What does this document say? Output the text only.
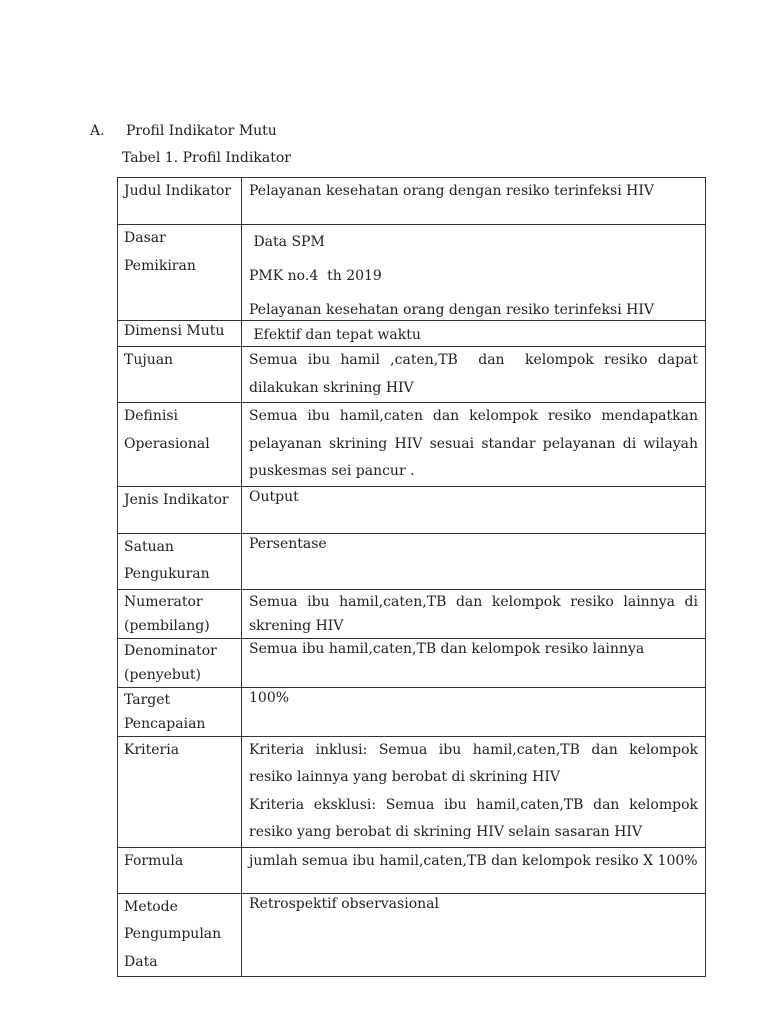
A. Profil Indikator Mutu
Tabel 1. Profil Indikator
Judul Indikator	Pelayanan kesehatan orang dengan resiko terinfeksi HIV
Dasar Pemikiran	Data SPM
PMK no.4  th 2019
Pelayanan kesehatan orang dengan resiko terinfeksi HIV

Dimensi Mutu	Efektif dan tepat waktu
Tujuan	Semua ibu hamil ,caten,TB  dan  kelompok resiko dapat dilakukan skrining HIV

Definisi Operasional	Semua ibu hamil,caten dan kelompok resiko mendapatkan pelayanan skrining HIV sesuai standar pelayanan di wilayah puskesmas sei pancur .
Jenis Indikator	Output
Satuan Pengukuran	Persentase
Numerator (pembilang)	Semua ibu hamil,caten,TB dan kelompok resiko lainnya di skrening HIV
Denominator (penyebut)	Semua ibu hamil,caten,TB dan kelompok resiko lainnya
Target Pencapaian	100%
Kriteria	Kriteria inklusi: Semua ibu hamil,caten,TB dan kelompok resiko lainnya yang berobat di skrining HIV
Kriteria eksklusi: Semua ibu hamil,caten,TB dan kelompok resiko yang berobat di skrining HIV selain sasaran HIV

Formula	jumlah semua ibu hamil,caten,TB dan kelompok resiko X 100%
Metode Pengumpulan Data	Retrospektif observasional
